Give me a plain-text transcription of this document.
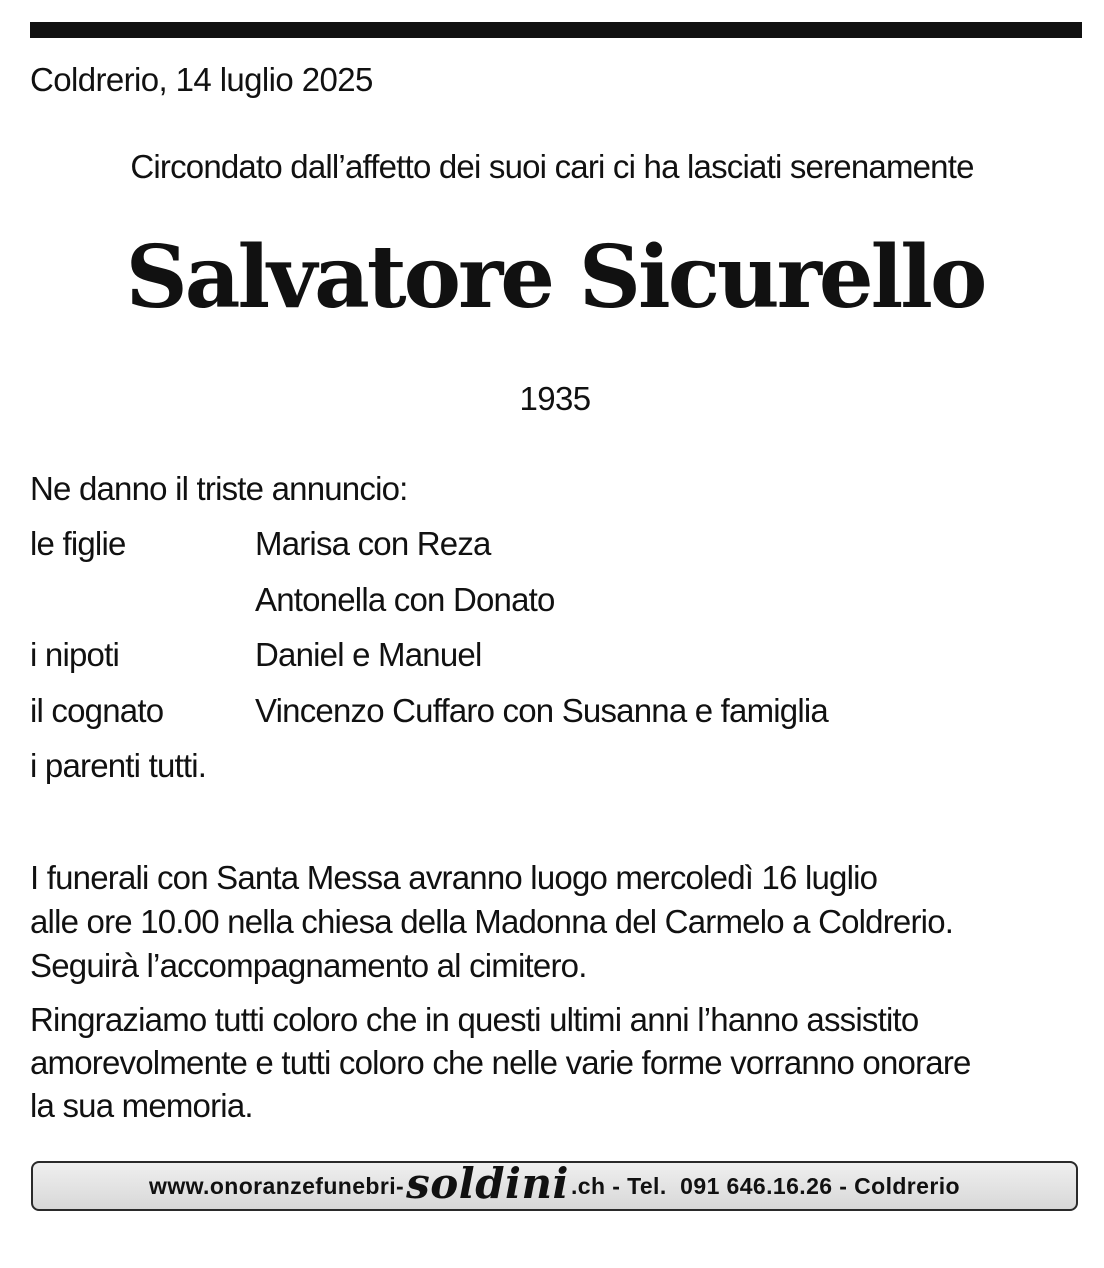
Coldrerio, 14 luglio 2025
Circondato dall’affetto dei suoi cari ci ha lasciati serenamente
Salvatore Sicurello
1935
Ne danno il triste annuncio:
le figlie	Marisa con Reza
Antonella con Donato
i nipoti	Daniel e Manuel
il cognato	Vincenzo Cuffaro con Susanna e famiglia
i parenti tutti.
I funerali con Santa Messa avranno luogo mercoledì 16 luglio
alle ore 10.00 nella chiesa della Madonna del Carmelo a Coldrerio.
Seguirà l’accompagnamento al cimitero.
Ringraziamo tutti coloro che in questi ultimi anni l’hanno assistito
amorevolmente e tutti coloro che nelle varie forme vorranno onorare
la sua memoria.
www.onoranzefunebri- soldini .ch - Tel.  091 646.16.26 - Coldrerio
